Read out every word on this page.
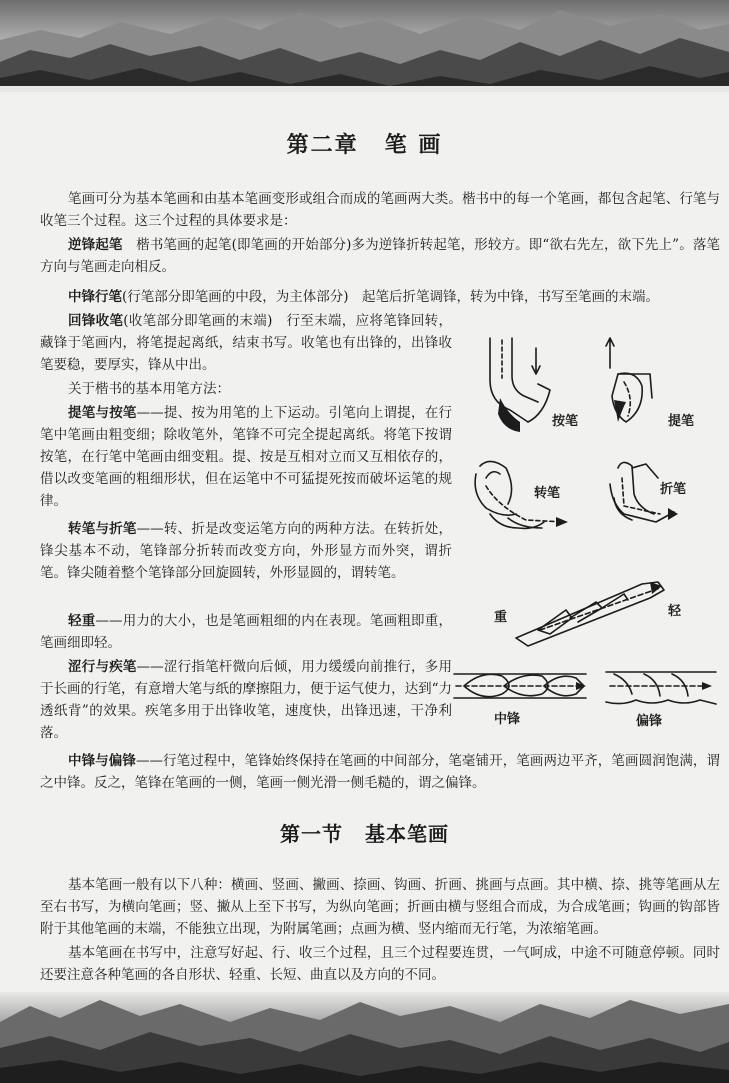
第二章 笔 画

笔画可分为基本笔画和由基本笔画变形或组合而成的笔画两大类。楷书中的每一个笔画，都包含起笔、行笔与收笔三个过程。这三个过程的具体要求是：

逆锋起笔　楷书笔画的起笔(即笔画的开始部分)多为逆锋折转起笔，形较方。即“欲右先左，欲下先上”。落笔方向与笔画走向相反。

中锋行笔(行笔部分即笔画的中段，为主体部分)　起笔后折笔调锋，转为中锋，书写至笔画的末端。

回锋收笔(收笔部分即笔画的末端)　行至末端，应将笔锋回转，藏锋于笔画内，将笔提起离纸，结束书写。收笔也有出锋的，出锋收笔要稳，要厚实，锋从中出。

关于楷书的基本用笔方法：

提笔与按笔——提、按为用笔的上下运动。引笔向上谓提，在行笔中笔画由粗变细；除收笔外，笔锋不可完全提起离纸。将笔下按谓按笔，在行笔中笔画由细变粗。提、按是互相对立而又互相依存的，借以改变笔画的粗细形状，但在运笔中不可猛提死按而破坏运笔的规律。

转笔与折笔——转、折是改变运笔方向的两种方法。在转折处，锋尖基本不动，笔锋部分折转而改变方向，外形显方而外突，谓折笔。锋尖随着整个笔锋部分回旋圆转，外形显圆的，谓转笔。

轻重——用力的大小，也是笔画粗细的内在表现。笔画粗即重，笔画细即轻。

涩行与疾笔——涩行指笔杆微向后倾，用力缓缓向前推行，多用于长画的行笔，有意增大笔与纸的摩擦阻力，便于运气使力，达到“力透纸背”的效果。疾笔多用于出锋收笔，速度快，出锋迅速，干净利落。

中锋与偏锋——行笔过程中，笔锋始终保持在笔画的中间部分，笔毫铺开，笔画两边平齐，笔画圆润饱满，谓之中锋。反之，笔锋在笔画的一侧，笔画一侧光滑一侧毛糙的，谓之偏锋。

第一节 基本笔画

基本笔画一般有以下八种：横画、竖画、撇画、捺画、钩画、折画、挑画与点画。其中横、捺、挑等笔画从左至右书写，为横向笔画；竖、撇从上至下书写，为纵向笔画；折画由横与竖组合而成，为合成笔画；钩画的钩部皆附于其他笔画的末端，不能独立出现，为附属笔画；点画为横、竖内缩而无行笔，为浓缩笔画。

基本笔画在书写中，注意写好起、行、收三个过程，且三个过程要连贯，一气呵成，中途不可随意停顿。同时还要注意各种笔画的各自形状、轻重、长短、曲直以及方向的不同。

按笔	提笔
转笔	折笔
重	轻
中锋	偏锋
